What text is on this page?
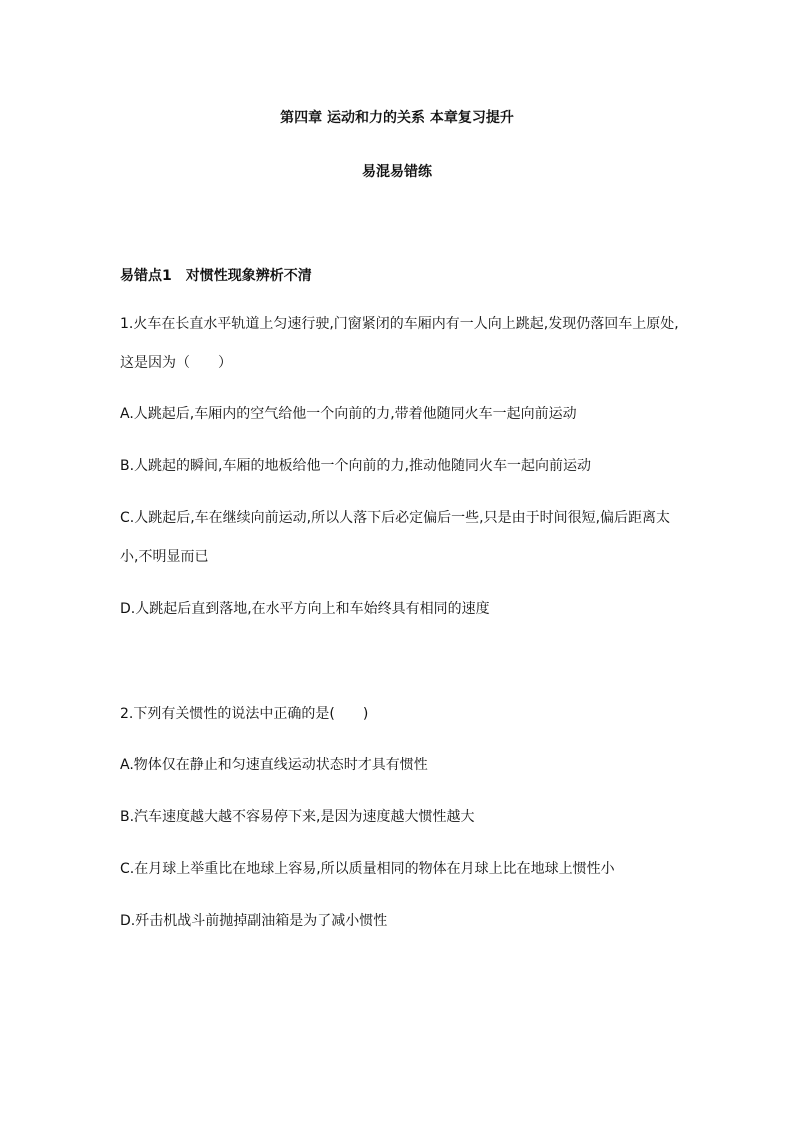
第四章 运动和力的关系 本章复习提升
易混易错练
易错点1　对惯性现象辨析不清
1.火车在长直水平轨道上匀速行驶,门窗紧闭的车厢内有一人向上跳起,发现仍落回车上原处,
这是因为（　　）
A.人跳起后,车厢内的空气给他一个向前的力,带着他随同火车一起向前运动
B.人跳起的瞬间,车厢的地板给他一个向前的力,推动他随同火车一起向前运动
C.人跳起后,车在继续向前运动,所以人落下后必定偏后一些,只是由于时间很短,偏后距离太
小,不明显而已
D.人跳起后直到落地,在水平方向上和车始终具有相同的速度
2.下列有关惯性的说法中正确的是(　　)
A.物体仅在静止和匀速直线运动状态时才具有惯性
B.汽车速度越大越不容易停下来,是因为速度越大惯性越大
C.在月球上举重比在地球上容易,所以质量相同的物体在月球上比在地球上惯性小
D.歼击机战斗前抛掉副油箱是为了减小惯性
